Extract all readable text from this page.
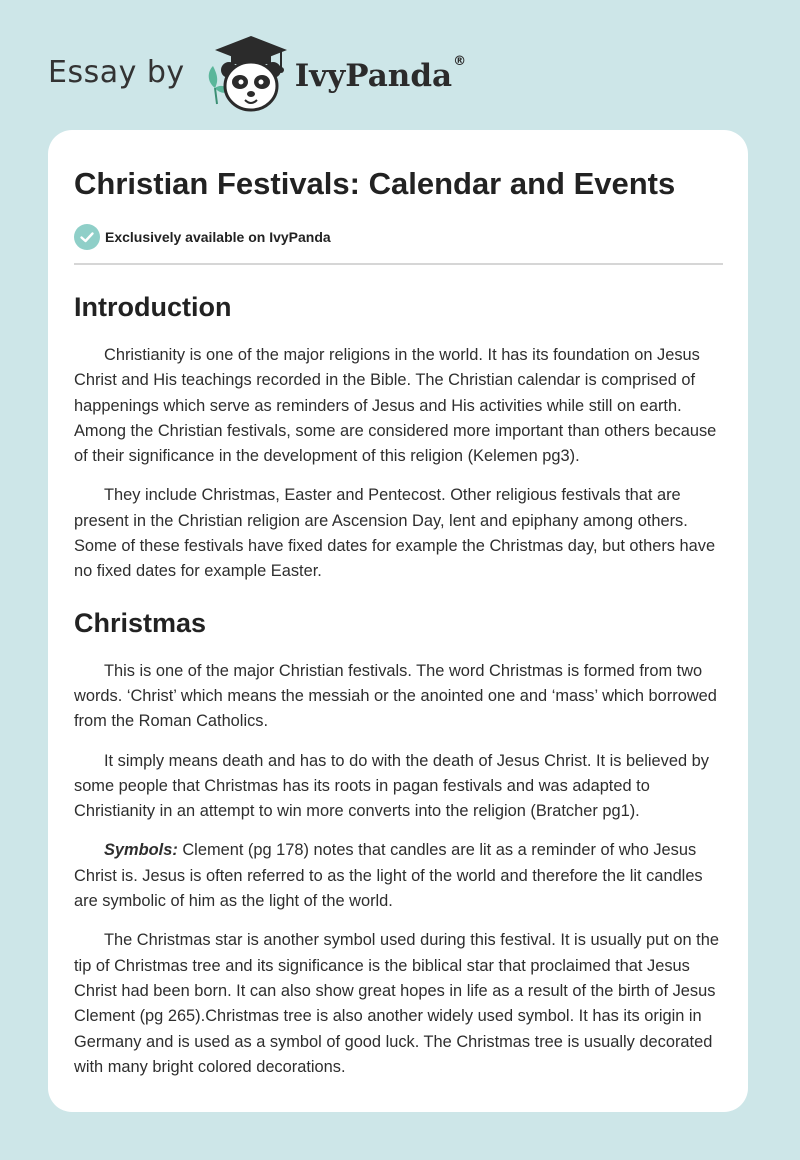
Essay by	IvyPanda®
Christian Festivals: Calendar and Events
Exclusively available on IvyPanda
Introduction

Christianity is one of the major religions in the world. It has its foundation on Jesus Christ and His teachings recorded in the Bible. The Christian calendar is comprised of happenings which serve as reminders of Jesus and His activities while still on earth. Among the Christian festivals, some are considered more important than others because of their significance in the development of this religion (Kelemen pg3).

They include Christmas, Easter and Pentecost. Other religious festivals that are present in the Christian religion are Ascension Day, lent and epiphany among others. Some of these festivals have fixed dates for example the Christmas day, but others have no fixed dates for example Easter.

Christmas

This is one of the major Christian festivals. The word Christmas is formed from two words. ‘Christ’ which means the messiah or the anointed one and ‘mass’ which borrowed from the Roman Catholics.

It simply means death and has to do with the death of Jesus Christ. It is believed by some people that Christmas has its roots in pagan festivals and was adapted to Christianity in an attempt to win more converts into the religion (Bratcher pg1).

Symbols: Clement (pg 178) notes that candles are lit as a reminder of who Jesus Christ is. Jesus is often referred to as the light of the world and therefore the lit candles are symbolic of him as the light of the world.

The Christmas star is another symbol used during this festival. It is usually put on the tip of Christmas tree and its significance is the biblical star that proclaimed that Jesus Christ had been born. It can also show great hopes in life as a result of the birth of Jesus Clement (pg 265).Christmas tree is also another widely used symbol. It has its origin in Germany and is used as a symbol of good luck. The Christmas tree is usually decorated with many bright colored decorations.
